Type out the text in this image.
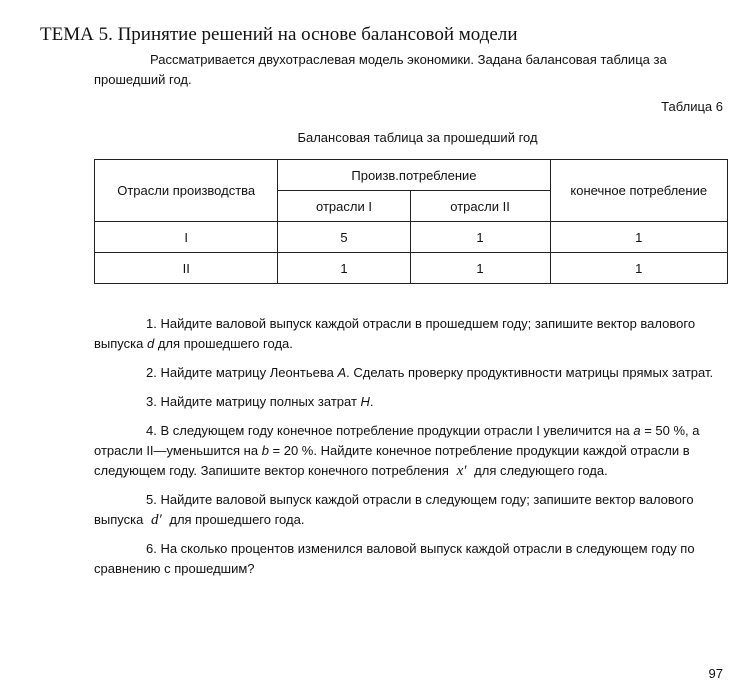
ТЕМА 5. Принятие решений на основе балансовой модели
Рассматривается двухотраслевая модель экономики. Задана балансовая таблица за прошедший год.
Таблица 6
Балансовая таблица за прошедший год
Отрасли производства	Произв.потребление		конечное потребление
	отрасли I	отрасли II	
I	5	1	1
II	1	1	1

1. Найдите валовой выпуск каждой отрасли в прошедшем году; запишите вектор валового выпуска d для прошедшего года.

2. Найдите матрицу Леонтьева A. Сделать проверку продуктивности матрицы прямых затрат.

3. Найдите матрицу полных затрат H.

4. В следующем году конечное потребление продукции отрасли I увеличится на a = 50 %, а отрасли II—уменьшится на b = 20 %. Найдите конечное потребление продукции каждой отрасли в следующем году. Запишите вектор конечного потребления x′ для следующего года.

5. Найдите валовой выпуск каждой отрасли в следующем году; запишите вектор валового выпуска d′ для прошедшего года.

6. На сколько процентов изменился валовой выпуск каждой отрасли в следующем году по сравнению с прошедшим?

97
